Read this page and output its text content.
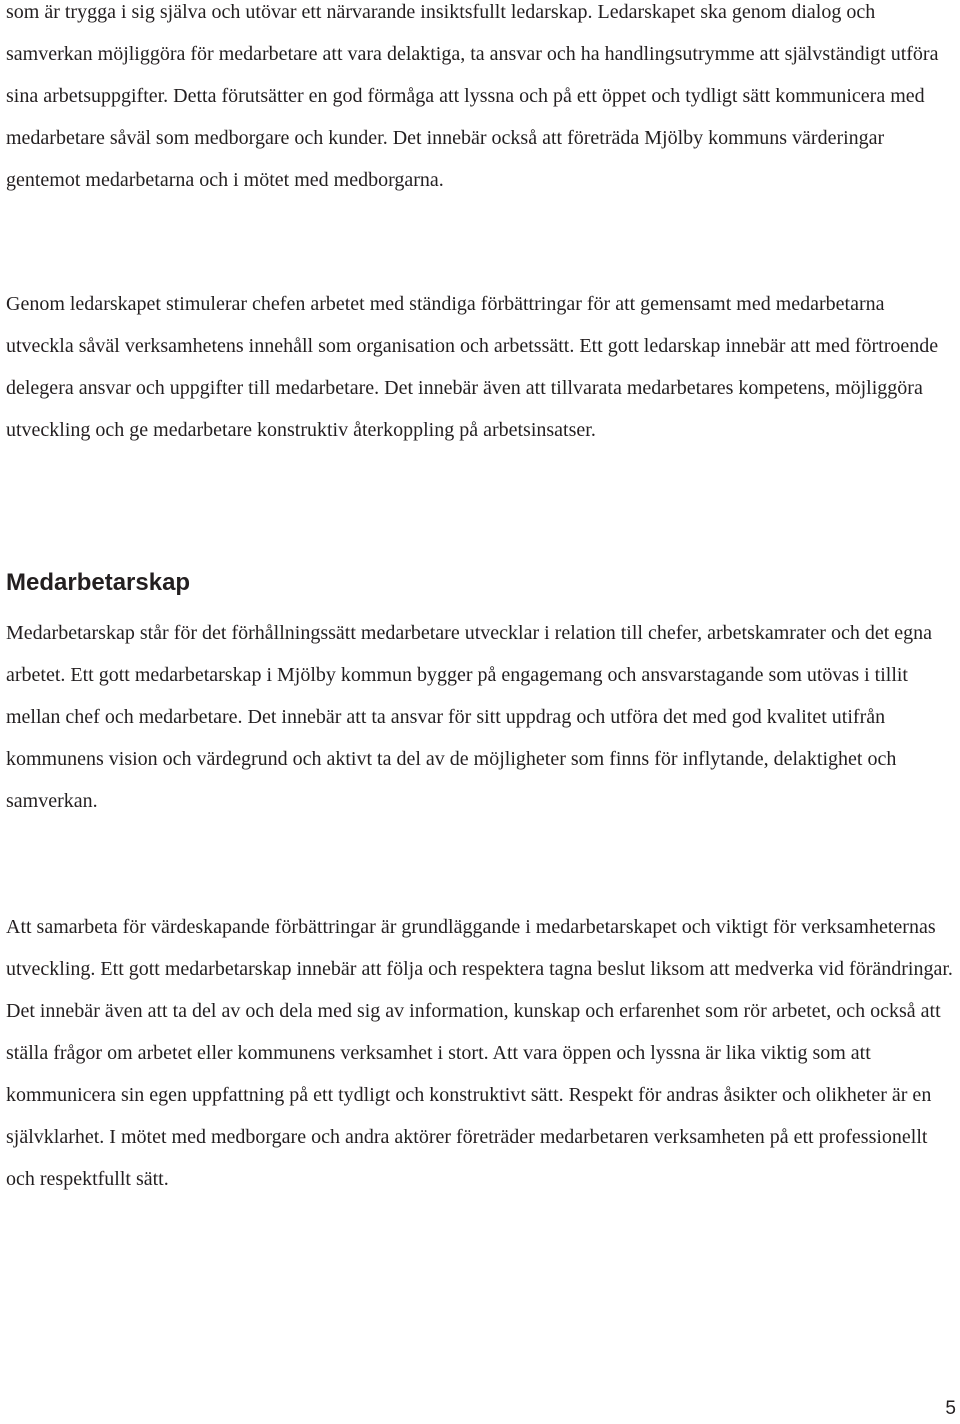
som är trygga i sig själva och utövar ett närvarande insiktsfullt ledarskap. Ledarskapet ska genom dialog och samverkan möjliggöra för medarbetare att vara delaktiga, ta ansvar och ha handlingsutrymme att självständigt utföra sina arbetsuppgifter. Detta förutsätter en god förmåga att lyssna och på ett öppet och tydligt sätt kommunicera med medarbetare såväl som medborgare och kunder. Det innebär också att företräda Mjölby kommuns värderingar gentemot medarbetarna och i mötet med medborgarna.

Genom ledarskapet stimulerar chefen arbetet med ständiga förbättringar för att gemensamt med medarbetarna utveckla såväl verksamhetens innehåll som organisation och arbetssätt. Ett gott ledarskap innebär att med förtroende delegera ansvar och uppgifter till medarbetare. Det innebär även att tillvarata medarbetares kompetens, möjliggöra utveckling och ge medarbetare konstruktiv återkoppling på arbetsinsatser.

Medarbetarskap

Medarbetarskap står för det förhållningssätt medarbetare utvecklar i relation till chefer, arbetskamrater och det egna arbetet. Ett gott medarbetarskap i Mjölby kommun bygger på engagemang och ansvarstagande som utövas i tillit mellan chef och medarbetare. Det innebär att ta ansvar för sitt uppdrag och utföra det med god kvalitet utifrån kommunens vision och värdegrund och aktivt ta del av de möjligheter som finns för inflytande, delaktighet och samverkan.

Att samarbeta för värdeskapande förbättringar är grundläggande i medarbetarskapet och viktigt för verksamheternas utveckling. Ett gott medarbetarskap innebär att följa och respektera tagna beslut liksom att medverka vid förändringar. Det innebär även att ta del av och dela med sig av information, kunskap och erfarenhet som rör arbetet, och också att ställa frågor om arbetet eller kommunens verksamhet i stort. Att vara öppen och lyssna är lika viktig som att kommunicera sin egen uppfattning på ett tydligt och konstruktivt sätt. Respekt för andras åsikter och olikheter är en självklarhet. I mötet med medborgare och andra aktörer företräder medarbetaren verksamheten på ett professionellt och respektfullt sätt.

5
